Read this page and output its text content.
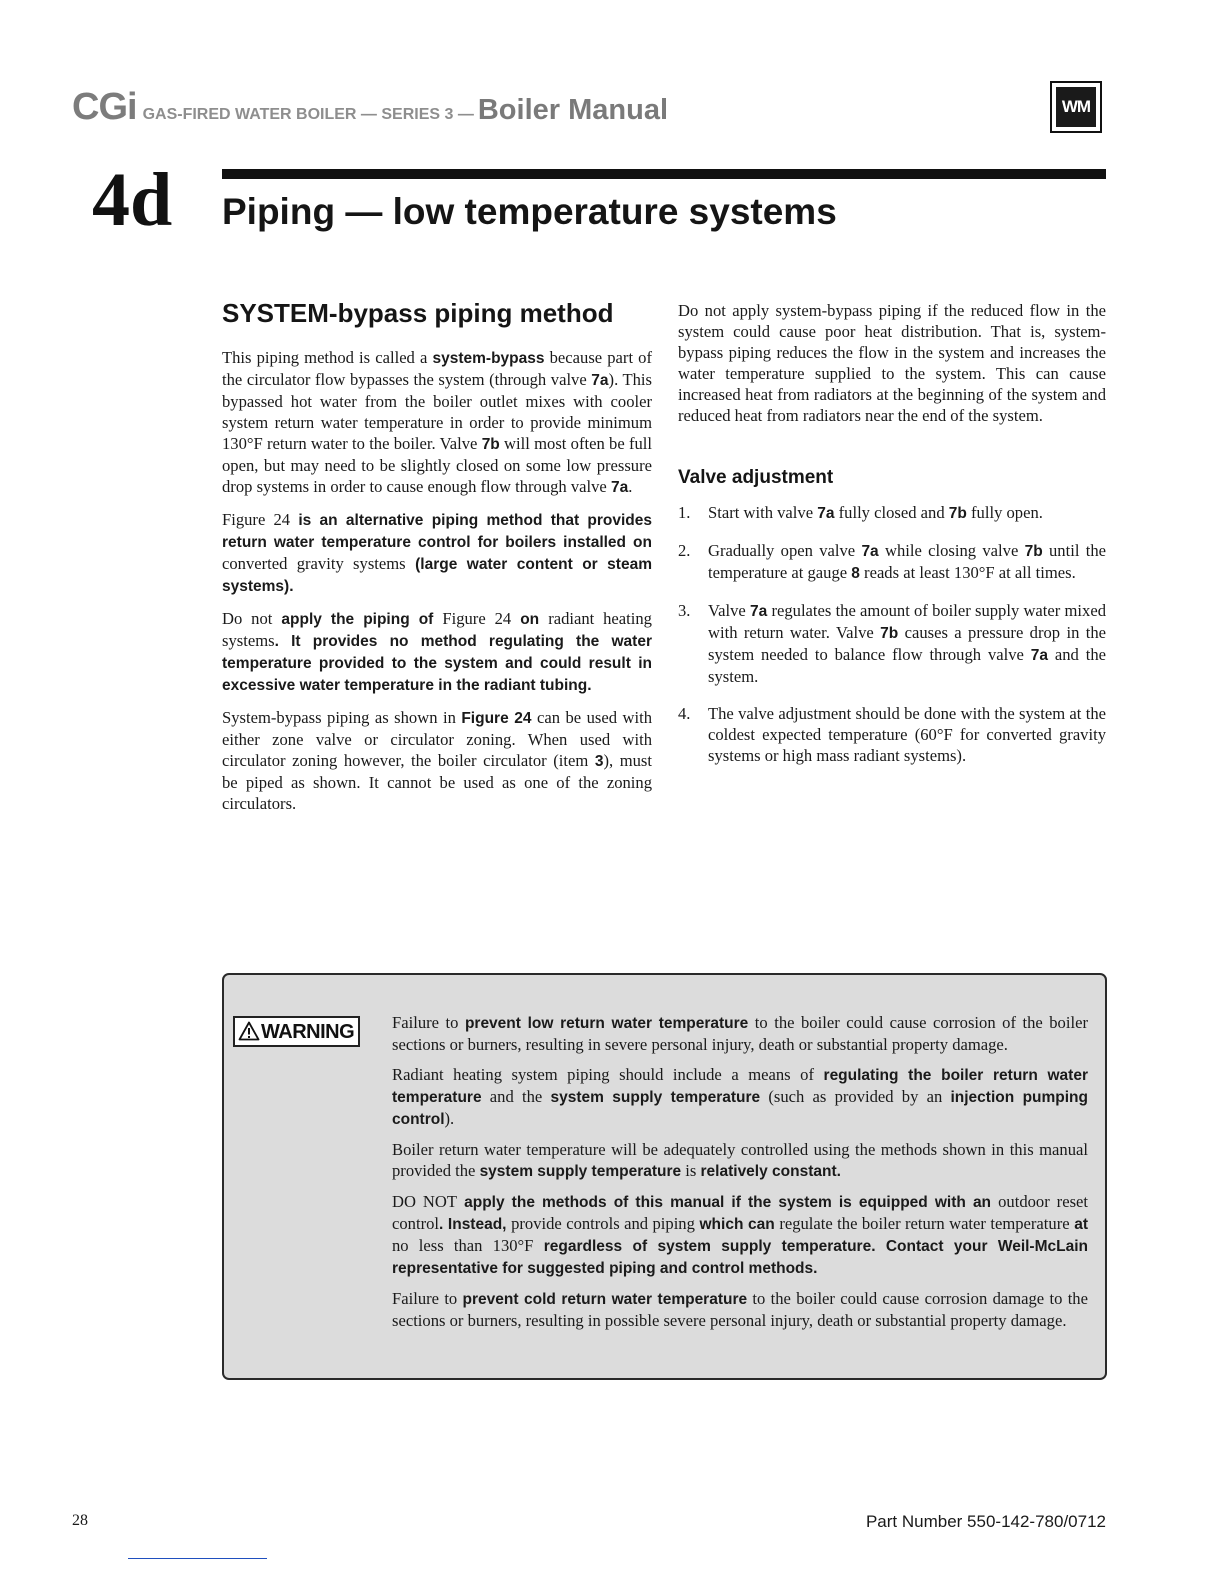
CGi GAS-FIRED WATER BOILER — SERIES 3 — Boiler Manual	WM
4d Piping — low temperature systems
SYSTEM-bypass piping method

This piping method is called a system-bypass because part of the circulator flow bypasses the system (through valve 7a). This bypassed hot water from the boiler outlet mixes with cooler system return water temperature in order to provide minimum 130°F return water to the boiler. Valve 7b will most often be full open, but may need to be slightly closed on some low pressure drop systems in order to cause enough flow through valve 7a.

Figure 24 is an alternative piping method that provides return water temperature control for boilers installed on converted gravity systems (large water content or steam systems).

Do not apply the piping of Figure 24 on radiant heating systems. It provides no method regulating the water temperature provided to the system and could result in excessive water temperature in the radiant tubing.

System-bypass piping as shown in Figure 24 can be used with either zone valve or circulator zoning. When used with circulator zoning however, the boiler circulator (item 3), must be piped as shown. It cannot be used as one of the zoning circulators.

Do not apply system-bypass piping if the reduced flow in the system could cause poor heat distribution. That is, system-bypass piping reduces the flow in the system and increases the water temperature supplied to the system. This can cause increased heat from radiators at the beginning of the system and reduced heat from radiators near the end of the system.

Valve adjustment
1. Start with valve 7a fully closed and 7b fully open.
2. Gradually open valve 7a while closing valve 7b until the temperature at gauge 8 reads at least 130°F at all times.
3. Valve 7a regulates the amount of boiler supply water mixed with return water. Valve 7b causes a pressure drop in the system needed to balance flow through valve 7a and the system.
4. The valve adjustment should be done with the system at the coldest expected temperature (60°F for converted gravity systems or high mass radiant systems).
WARNING	Failure to prevent low return water temperature to the boiler could cause corrosion of the boiler sections or burners, resulting in severe personal injury, death or substantial property damage.

Radiant heating system piping should include a means of regulating the boiler return water temperature and the system supply temperature (such as provided by an injection pumping control).

Boiler return water temperature will be adequately controlled using the methods shown in this manual provided the system supply temperature is relatively constant.

DO NOT apply the methods of this manual if the system is equipped with an outdoor reset control. Instead, provide controls and piping which can regulate the boiler return water temperature at no less than 130°F regardless of system supply temperature. Contact your Weil-McLain representative for suggested piping and control methods.

Failure to prevent cold return water temperature to the boiler could cause corrosion damage to the sections or burners, resulting in possible severe personal injury, death or substantial property damage.

28	Part Number 550-142-780/0712
